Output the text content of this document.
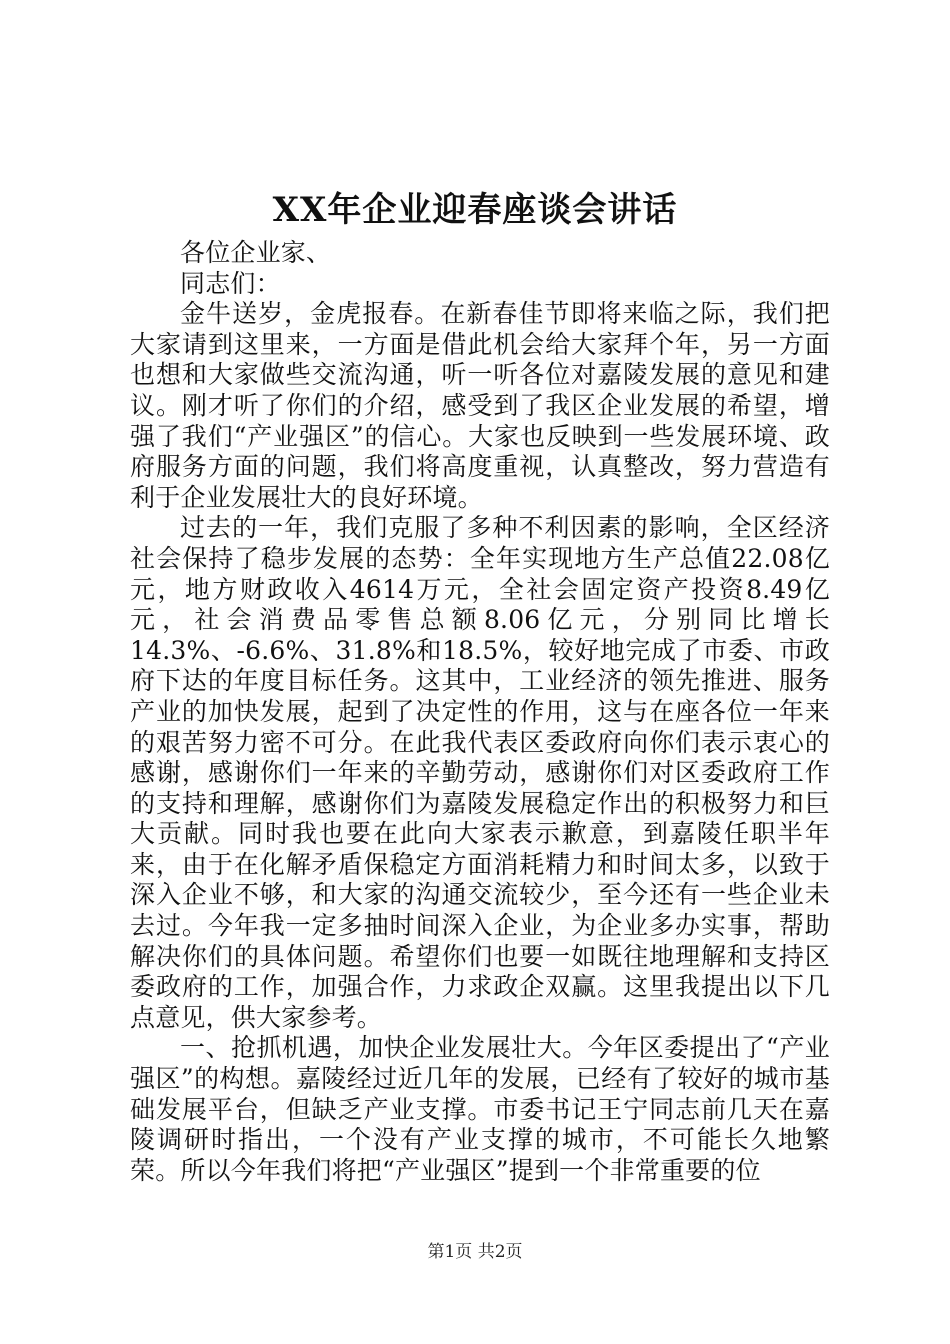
XX年企业迎春座谈会讲话

各位企业家、

同志们：

金牛送岁，金虎报春。在新春佳节即将来临之际，我们把大家请到这里来，一方面是借此机会给大家拜个年，另一方面也想和大家做些交流沟通，听一听各位对嘉陵发展的意见和建议。刚才听了你们的介绍，感受到了我区企业发展的希望，增强了我们“产业强区”的信心。大家也反映到一些发展环境、政府服务方面的问题，我们将高度重视，认真整改，努力营造有利于企业发展壮大的良好环境。

过去的一年，我们克服了多种不利因素的影响，全区经济社会保持了稳步发展的态势：全年实现地方生产总值22.08亿元，地方财政收入4614万元，全社会固定资产投资8.49亿元，社会消费品零售总额8.06亿元，分别同比增长14.3%、-6.6%、31.8%和18.5%，较好地完成了市委、市政府下达的年度目标任务。这其中，工业经济的领先推进、服务产业的加快发展，起到了决定性的作用，这与在座各位一年来的艰苦努力密不可分。在此我代表区委政府向你们表示衷心的感谢，感谢你们一年来的辛勤劳动，感谢你们对区委政府工作的支持和理解，感谢你们为嘉陵发展稳定作出的积极努力和巨大贡献。同时我也要在此向大家表示歉意，到嘉陵任职半年来，由于在化解矛盾保稳定方面消耗精力和时间太多，以致于深入企业不够，和大家的沟通交流较少，至今还有一些企业未去过。今年我一定多抽时间深入企业，为企业多办实事，帮助解决你们的具体问题。希望你们也要一如既往地理解和支持区委政府的工作，加强合作，力求政企双赢。这里我提出以下几点意见，供大家参考。

一、抢抓机遇，加快企业发展壮大。今年区委提出了“产业强区”的构想。嘉陵经过近几年的发展，已经有了较好的城市基础发展平台，但缺乏产业支撑。市委书记王宁同志前几天在嘉陵调研时指出，一个没有产业支撑的城市，不可能长久地繁荣。所以今年我们将把“产业强区”提到一个非常重要的位

第1页 共2页
